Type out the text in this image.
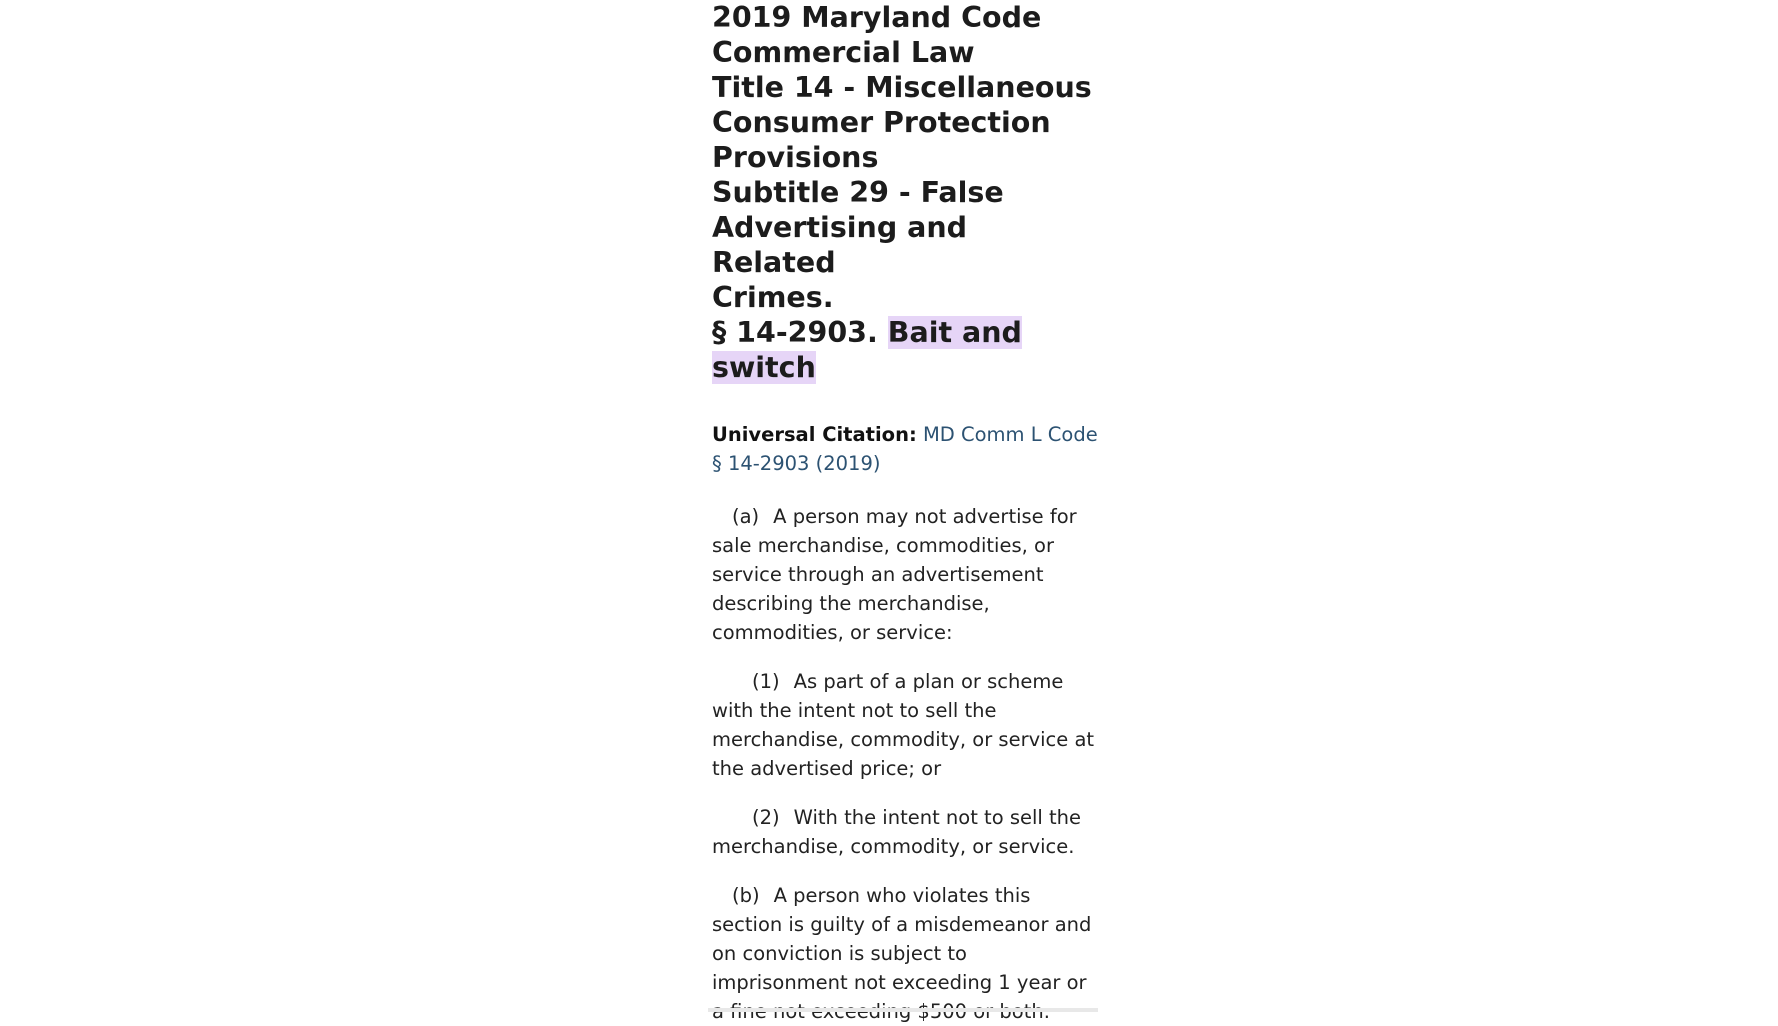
2019 Maryland Code
Commercial Law
Title 14 - Miscellaneous
Consumer Protection
Provisions
Subtitle 29 - False
Advertising and Related
Crimes.
§ 14-2903. Bait and
switch

Universal Citation: MD Comm L Code § 14-2903 (2019)

(a) A person may not advertise for sale merchandise, commodities, or service through an advertisement describing the merchandise, commodities, or service:

(1) As part of a plan or scheme with the intent not to sell the merchandise, commodity, or service at the advertised price; or

(2) With the intent not to sell the merchandise, commodity, or service.

(b) A person who violates this section is guilty of a misdemeanor and on conviction is subject to imprisonment not exceeding 1 year or
